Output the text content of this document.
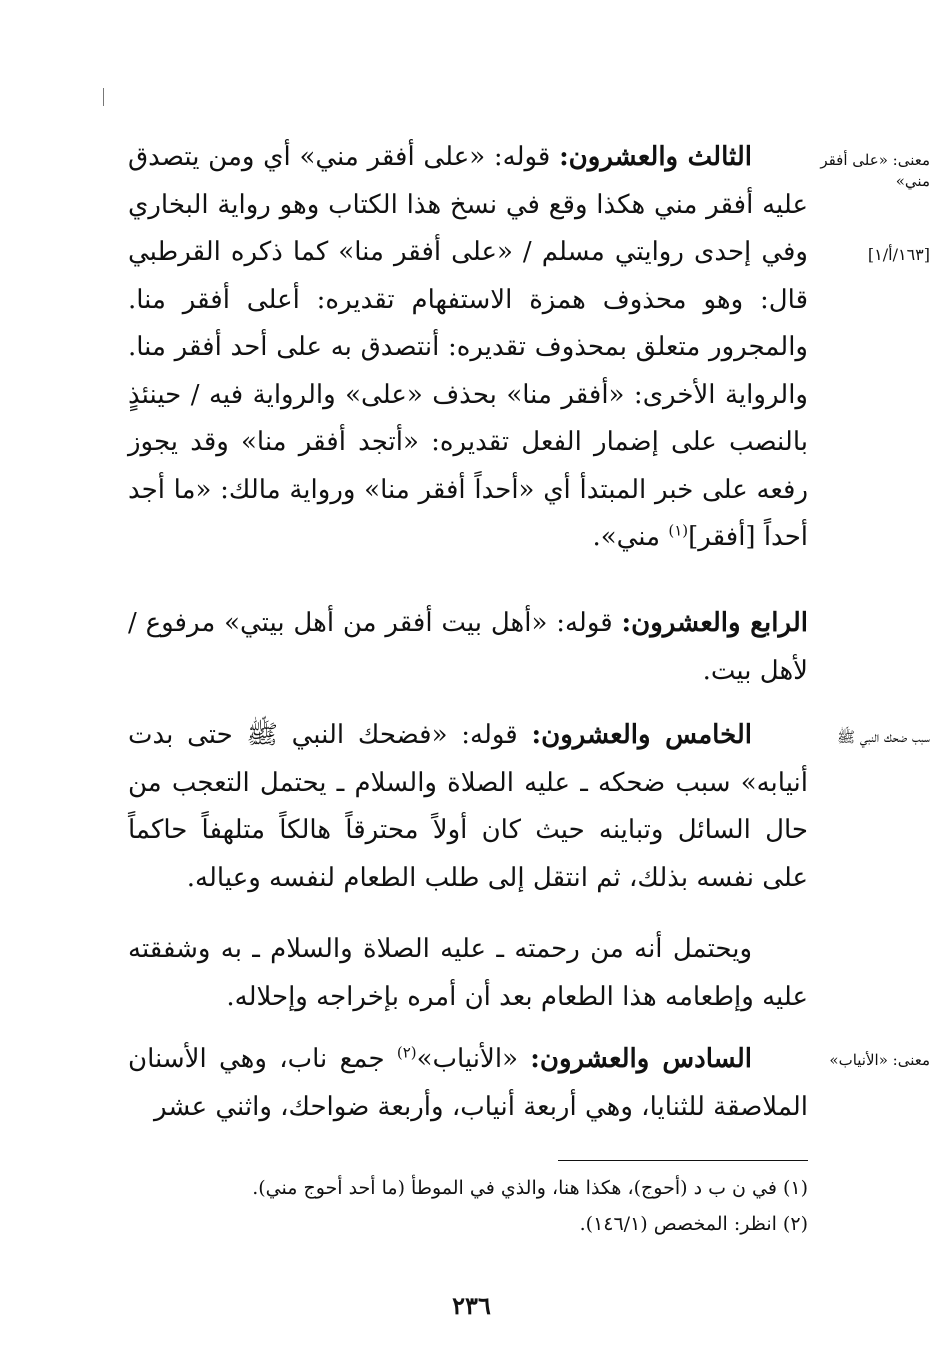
معنى: «على أفقر مني»
[١٦٣/أ/١]
سبب ضحك النبي ﷺ
معنى: «الأنياب»

الثالث والعشرون: قوله: «على أفقر مني» أي ومن يتصدق عليه أفقر مني هكذا وقع في نسخ هذا الكتاب وهو رواية البخاري وفي إحدى روايتي مسلم / «على أفقر منا» كما ذكره القرطبي قال: وهو محذوف همزة الاستفهام تقديره: أعلى أفقر منا. والمجرور متعلق بمحذوف تقديره: أنتصدق به على أحد أفقر منا. والرواية الأخرى: «أفقر منا» بحذف «على» والرواية فيه / حينئذٍ بالنصب على إضمار الفعل تقديره: «أتجد أفقر منا» وقد يجوز رفعه على خبر المبتدأ أي «أحداً أفقر منا» ورواية مالك: «ما أجد أحداً [أفقر]$^{(١)}$ مني».

الرابع والعشرون: قوله: «أهل بيت أفقر من أهل بيتي» مرفوع / لأهل بيت.

الخامس والعشرون: قوله: «فضحك النبي ﷺ حتى بدت أنيابه» سبب ضحكه ـ عليه الصلاة والسلام ـ يحتمل التعجب من حال السائل وتباينه حيث كان أولاً محترقاً هالكاً متلهفاً حاكماً على نفسه بذلك، ثم انتقل إلى طلب الطعام لنفسه وعياله.

ويحتمل أنه من رحمته ـ عليه الصلاة والسلام ـ به وشفقته عليه وإطعامه هذا الطعام بعد أن أمره بإخراجه وإحلاله.

السادس والعشرون: «الأنياب»$^{(٢)}$ جمع ناب، وهي الأسنان الملاصقة للثنايا، وهي أربعة أنياب، وأربعة ضواحك، واثني عشر

(١) في ن ب د (أحوج)، هكذا هنا، والذي في الموطأ (ما أحد أحوج مني).
(٢) انظر: المخصص (١٤٦/١).
٢٣٦
